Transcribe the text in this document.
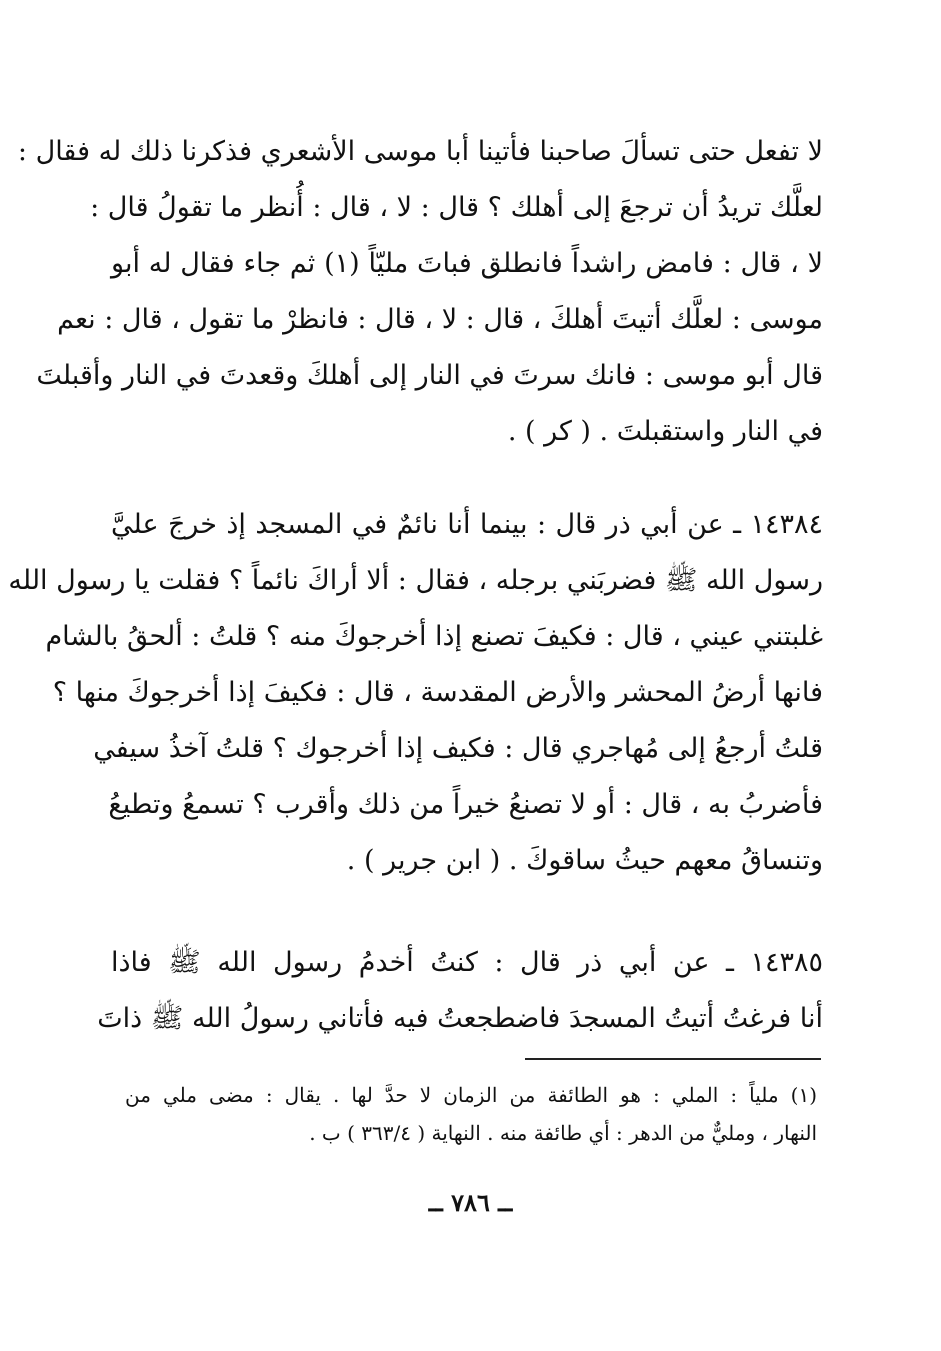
لا تفعل حتى تسألَ صاحبنا فأتينا أبا موسى الأشعري فذكرنا ذلك له فقال :
لعلَّك تريدُ أن ترجعَ إلى أهلك ؟ قال : لا ، قال : أُنظر ما تقولُ قال :
لا ، قال : فامض راشداً فانطلق فباتَ مليّاً (١) ثم جاء فقال له أبو
موسى : لعلَّك أتيتَ أهلكَ ، قال : لا ، قال : فانظرْ ما تقول ، قال : نعم
قال أبو موسى : فانك سرتَ في النار إلى أهلكَ وقعدتَ في النار وأقبلتَ
في النار واستقبلتَ . ( كر ) .
١٤٣٨٤ ـ عن أبي ذر قال : بينما أنا نائمٌ في المسجد إذ خرجَ عليَّ
رسول الله ﷺ فضربَني برجله ، فقال : ألا أراكَ نائماً ؟ فقلت يا رسول الله
غلبتني عيني ، قال : فكيفَ تصنع إذا أخرجوكَ منه ؟ قلتُ : ألحقُ بالشام
فانها أرضُ المحشر والأرض المقدسة ، قال : فكيفَ إذا أخرجوكَ منها ؟
قلتُ أرجعُ إلى مُهاجري قال : فكيف إذا أخرجوك ؟ قلتُ آخذُ سيفي
فأضربُ به ، قال : أو لا تصنعُ خيراً من ذلك وأقرب ؟ تسمعُ وتطيعُ
وتنساقُ معهم حيثُ ساقوكَ . ( ابن جرير ) .
١٤٣٨٥ ـ عن أبي ذر قال : كنتُ أخدمُ رسول الله ﷺ فاذا
أنا فرغتُ أتيتُ المسجدَ فاضطجعتُ فيه فأتاني رسولُ الله ﷺ ذاتَ
(١) ملياً : الملي : هو الطائفة من الزمان لا حدَّ لها . يقال : مضى ملي من
النهار ، ومليٌّ من الدهر : أي طائفة منه . النهاية ( ٣٦٣/٤ ) ب .
ــ ٧٨٦ ــ
